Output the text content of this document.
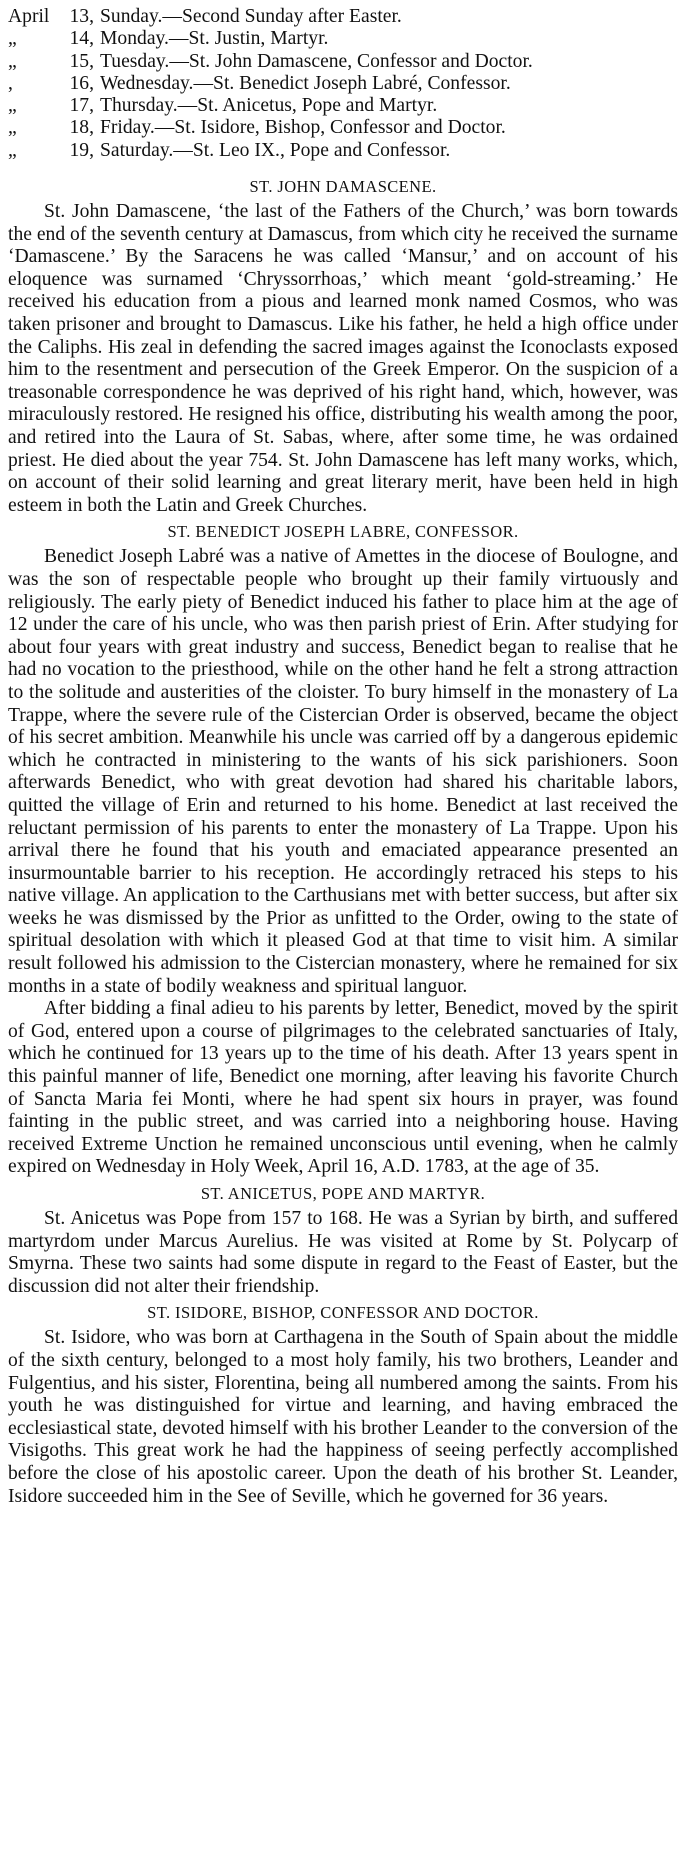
April	13, Sunday.—Second Sunday after Easter.
„	14, Monday.—St. Justin, Martyr.
„	15, Tuesday.—St. John Damascene, Confessor and Doctor.
,	16, Wednesday.—St. Benedict Joseph Labré, Confessor.
„	17, Thursday.—St. Anicetus, Pope and Martyr.
„	18, Friday.—St. Isidore, Bishop, Confessor and Doctor.
„	19, Saturday.—St. Leo IX., Pope and Confessor.
ST. JOHN DAMASCENE.

St. John Damascene, ‘the last of the Fathers of the Church,’ was born towards the end of the seventh century at Damascus, from which city he received the surname ‘Damascene.’ By the Saracens he was called ‘Mansur,’ and on account of his eloquence was surnamed ‘Chryssorrhoas,’ which meant ‘gold-streaming.’ He received his education from a pious and learned monk named Cosmos, who was taken prisoner and brought to Damascus. Like his father, he held a high office under the Caliphs. His zeal in defending the sacred images against the Iconoclasts exposed him to the resentment and persecution of the Greek Emperor. On the suspicion of a treasonable correspondence he was deprived of his right hand, which, however, was miraculously restored. He resigned his office, distributing his wealth among the poor, and retired into the Laura of St. Sabas, where, after some time, he was ordained priest. He died about the year 754. St. John Damascene has left many works, which, on account of their solid learning and great literary merit, have been held in high esteem in both the Latin and Greek Churches.

ST. BENEDICT JOSEPH LABRE, CONFESSOR.

Benedict Joseph Labré was a native of Amettes in the diocese of Boulogne, and was the son of respectable people who brought up their family virtuously and religiously. The early piety of Benedict induced his father to place him at the age of 12 under the care of his uncle, who was then parish priest of Erin. After studying for about four years with great industry and success, Benedict began to realise that he had no vocation to the priesthood, while on the other hand he felt a strong attraction to the solitude and austerities of the cloister. To bury himself in the monastery of La Trappe, where the severe rule of the Cistercian Order is observed, became the object of his secret ambition. Meanwhile his uncle was carried off by a dangerous epidemic which he contracted in ministering to the wants of his sick parishioners. Soon afterwards Benedict, who with great devotion had shared his charitable labors, quitted the village of Erin and returned to his home. Benedict at last received the reluctant permission of his parents to enter the monastery of La Trappe. Upon his arrival there he found that his youth and emaciated appearance presented an insurmountable barrier to his reception. He accordingly retraced his steps to his native village. An application to the Carthusians met with better success, but after six weeks he was dismissed by the Prior as unfitted to the Order, owing to the state of spiritual desolation with which it pleased God at that time to visit him. A similar result followed his admission to the Cistercian monastery, where he remained for six months in a state of bodily weakness and spiritual languor.

After bidding a final adieu to his parents by letter, Benedict, moved by the spirit of God, entered upon a course of pilgrimages to the celebrated sanctuaries of Italy, which he continued for 13 years up to the time of his death. After 13 years spent in this painful manner of life, Benedict one morning, after leaving his favorite Church of Sancta Maria fei Monti, where he had spent six hours in prayer, was found fainting in the public street, and was carried into a neighboring house. Having received Extreme Unction he remained unconscious until evening, when he calmly expired on Wednesday in Holy Week, April 16, A.D. 1783, at the age of 35.

ST. ANICETUS, POPE AND MARTYR.

St. Anicetus was Pope from 157 to 168. He was a Syrian by birth, and suffered martyrdom under Marcus Aurelius. He was visited at Rome by St. Polycarp of Smyrna. These two saints had some dispute in regard to the Feast of Easter, but the discussion did not alter their friendship.

ST. ISIDORE, BISHOP, CONFESSOR AND DOCTOR.

St. Isidore, who was born at Carthagena in the South of Spain about the middle of the sixth century, belonged to a most holy family, his two brothers, Leander and Fulgentius, and his sister, Florentina, being all numbered among the saints. From his youth he was distinguished for virtue and learning, and having embraced the ecclesiastical state, devoted himself with his brother Leander to the conversion of the Visigoths. This great work he had the happiness of seeing perfectly accomplished before the close of his apostolic career. Upon the death of his brother St. Leander, Isidore succeeded him in the See of Seville, which he governed for 36 years.
